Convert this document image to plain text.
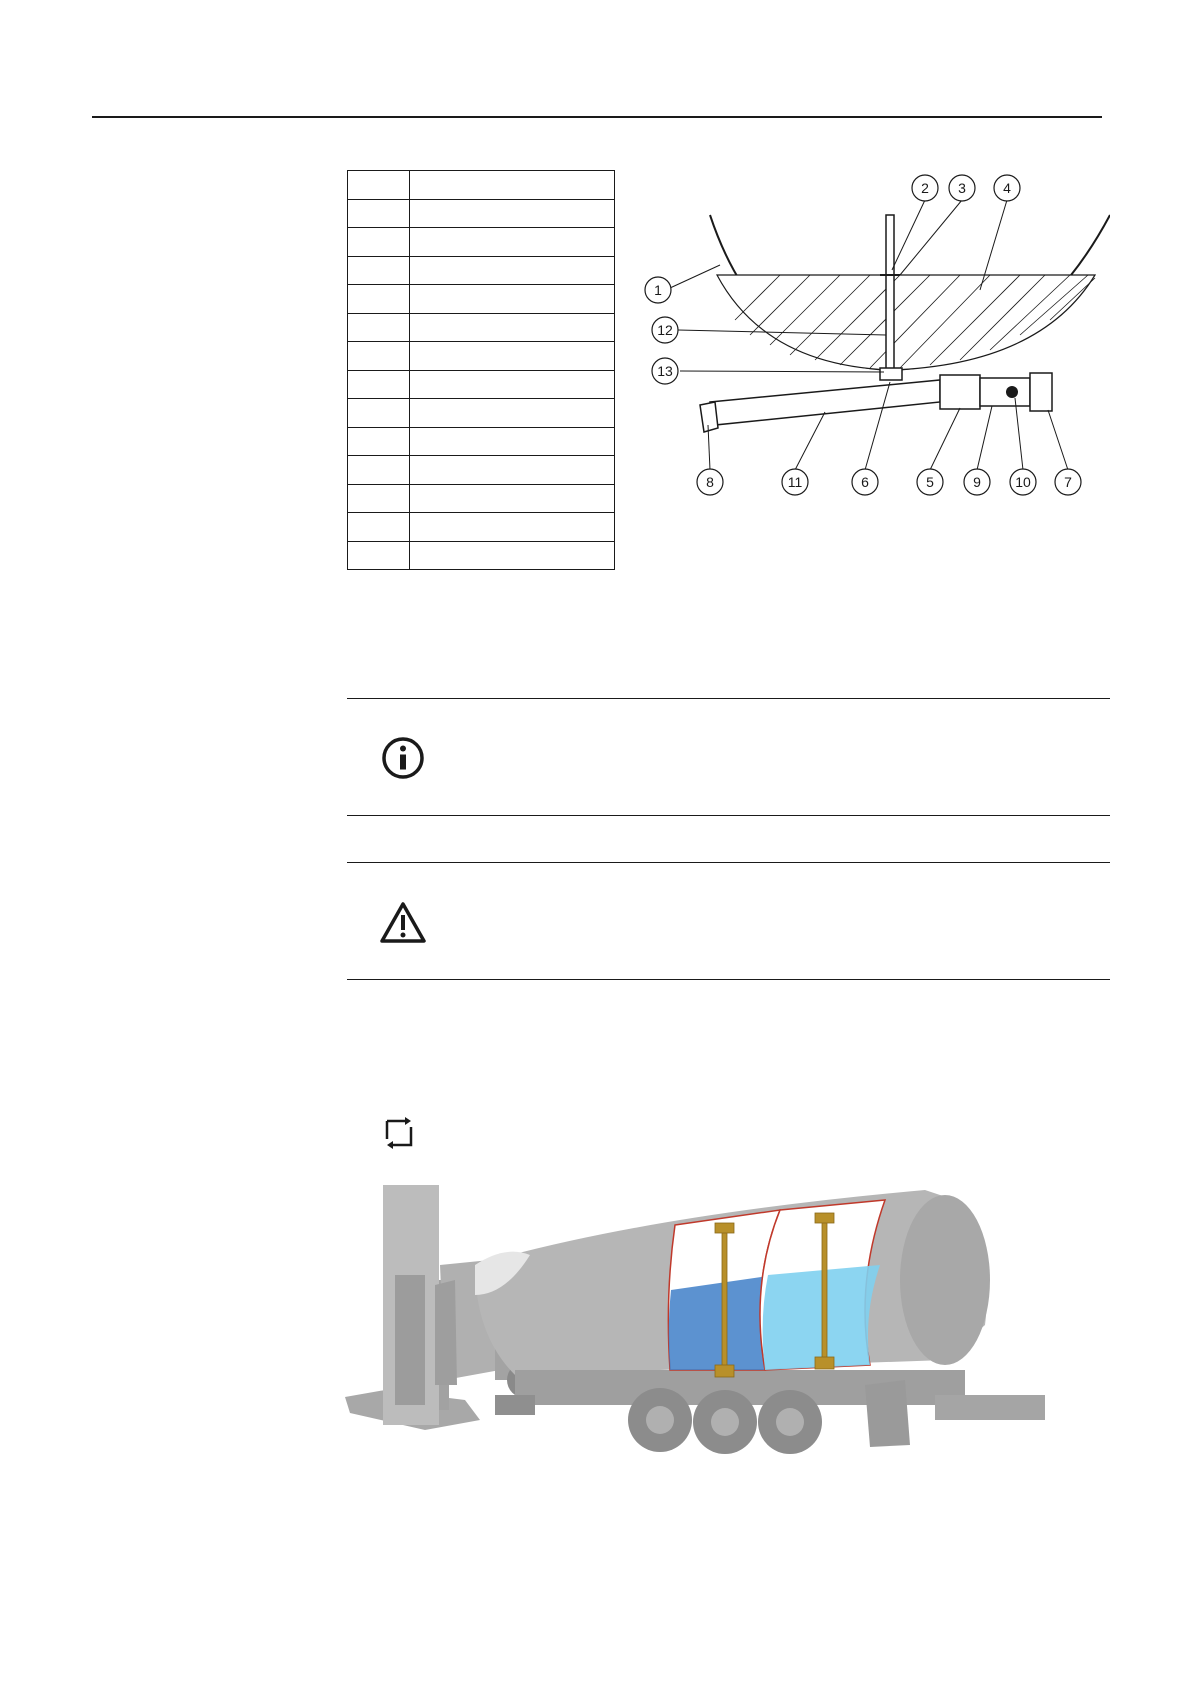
1
2 3	4
5
6	7
8	9 10
11
12
13
